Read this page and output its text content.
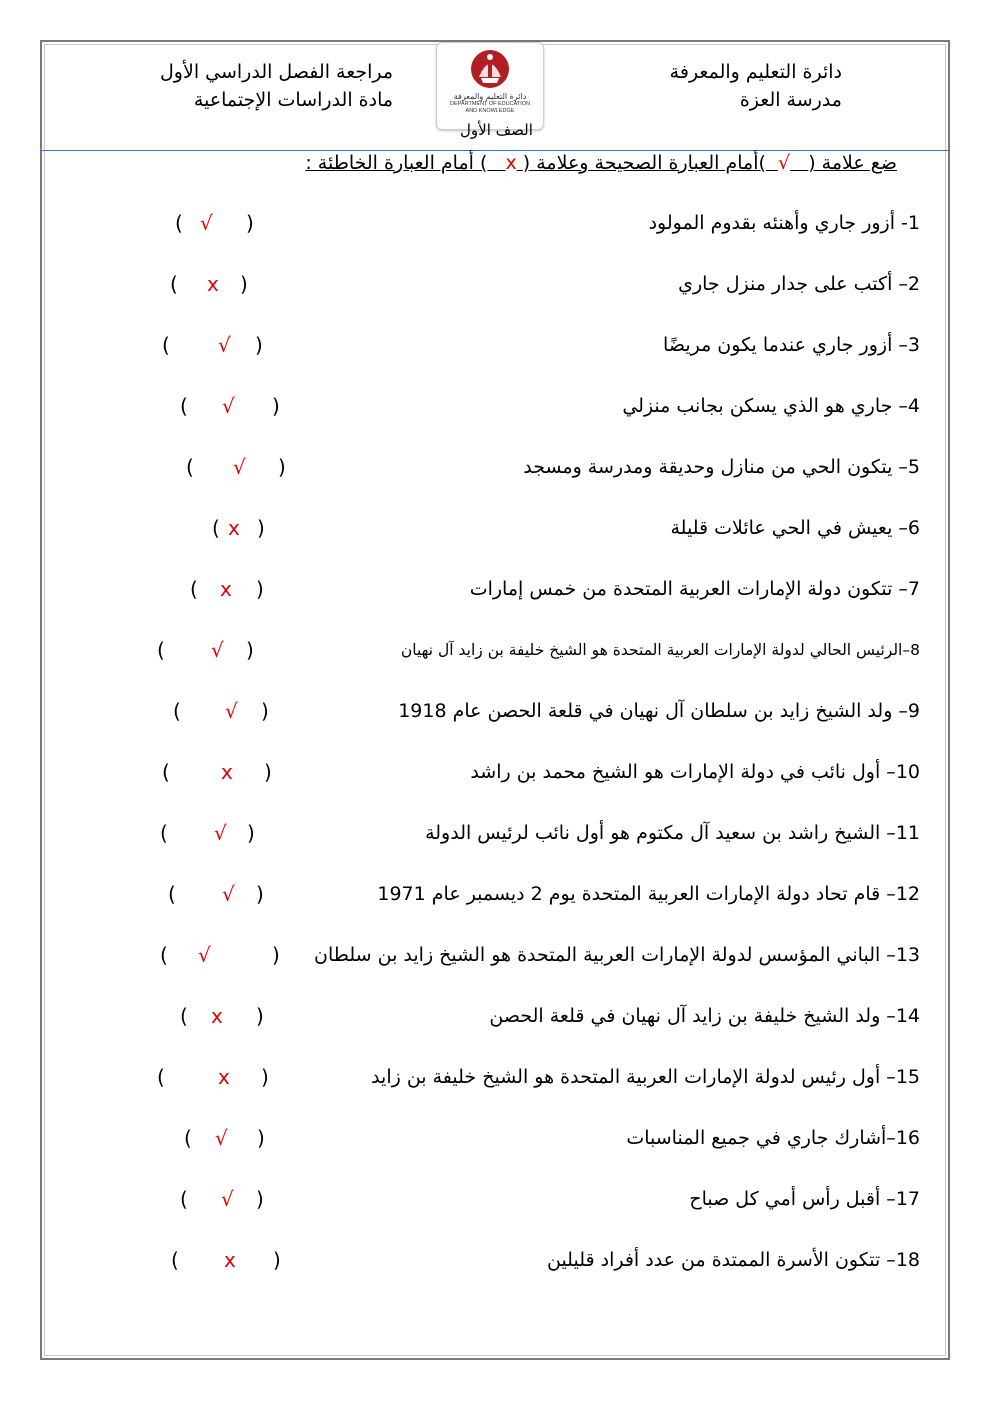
دائرة التعليم والمعرفة
مدرسة العزة
مراجعة الفصل الدراسي الأول
مادة الدراسات الإجتماعية	دائرة التعليم والمعرفة
DEPARTMENT OF EDUCATION
AND KNOWLEDGE
الصف الأول
ضع علامة (   √  )أمام العبارة الصحيحة وعلامة ( x   ) أمام العبارة الخاطئة :
1- أزور جاري وأهنئه بقدوم المولود
(
√
)
2– أكتب على جدار منزل جاري
(
x
)
3– أزور جاري عندما يكون مريضًا
(
√
)
4– جاري هو الذي يسكن بجانب منزلي
(
√
)
5– يتكون الحي من منازل وحديقة ومدرسة ومسجد
(
√
)
6– يعيش في الحي عائلات قليلة
(
x
)
7– تتكون دولة الإمارات العربية المتحدة من خمس إمارات
(
x
)
8–الرئيس الحالي لدولة الإمارات العربية المتحدة هو الشيخ خليفة بن زايد آل نهيان
(
√
)
9– ولد الشيخ زايد بن سلطان آل نهيان في قلعة الحصن عام 1918
(
√
)
10– أول نائب في دولة الإمارات هو الشيخ محمد بن راشد
(
x
)
11– الشيخ راشد بن سعيد آل مكتوم هو أول نائب لرئيس الدولة
(
√
)
12– قام تحاد دولة الإمارات العربية المتحدة يوم 2 ديسمبر عام 1971
(
√
)
13– الباني المؤسس لدولة الإمارات العربية المتحدة هو الشيخ زايد بن سلطان
(
√
)
14– ولد الشيخ خليفة بن زايد آل نهيان في قلعة الحصن
(
x
)
15– أول رئيس لدولة الإمارات العربية المتحدة هو الشيخ خليفة بن زايد
(
x
)
16–أشارك جاري في جميع المناسبات
(
√
)
17– أقبل رأس أمي كل صباح
(
√
)
18– تتكون الأسرة الممتدة من عدد أفراد قليلين
(
x
)
